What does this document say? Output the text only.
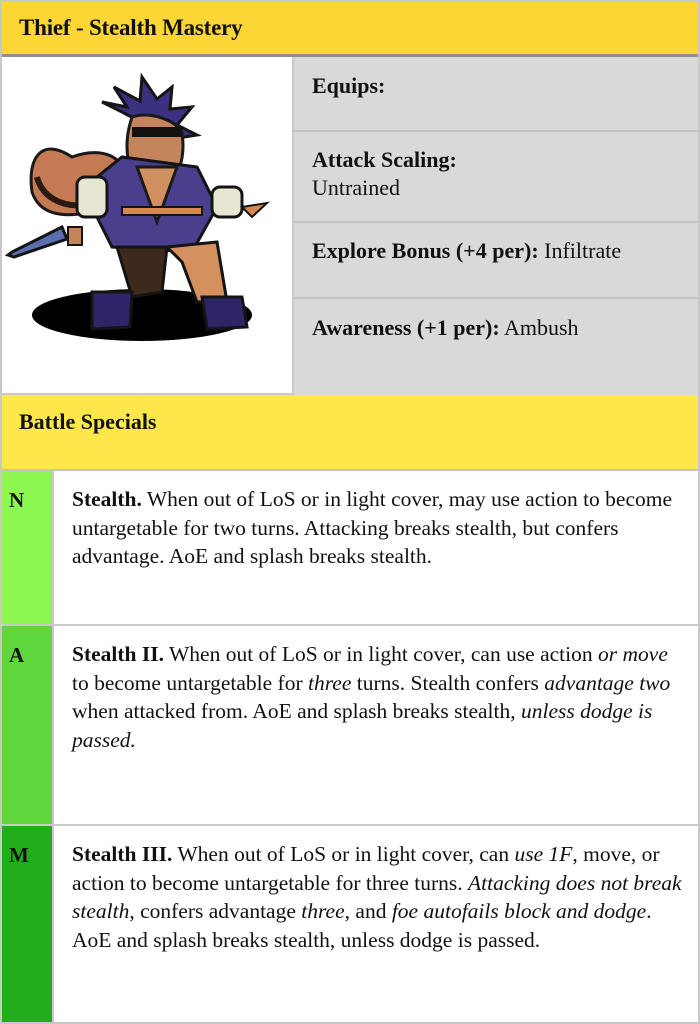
Thief - Stealth Mastery
Equips:
Attack Scaling:
Untrained
Explore Bonus (+4 per): Infiltrate
Awareness (+1 per): Ambush
Battle Specials
N Stealth. When out of LoS or in light cover, may use action to become untargetable for two turns. Attacking breaks stealth, but confers advantage. AoE and splash breaks stealth.
A Stealth II. When out of LoS or in light cover, can use action or move to become untargetable for three turns. Stealth confers advantage two when attacked from. AoE and splash breaks stealth, unless dodge is passed.
M Stealth III. When out of LoS or in light cover, can use 1F, move, or action to become untargetable for three turns. Attacking does not break stealth, confers advantage three, and foe autofails block and dodge. AoE and splash breaks stealth, unless dodge is passed.
